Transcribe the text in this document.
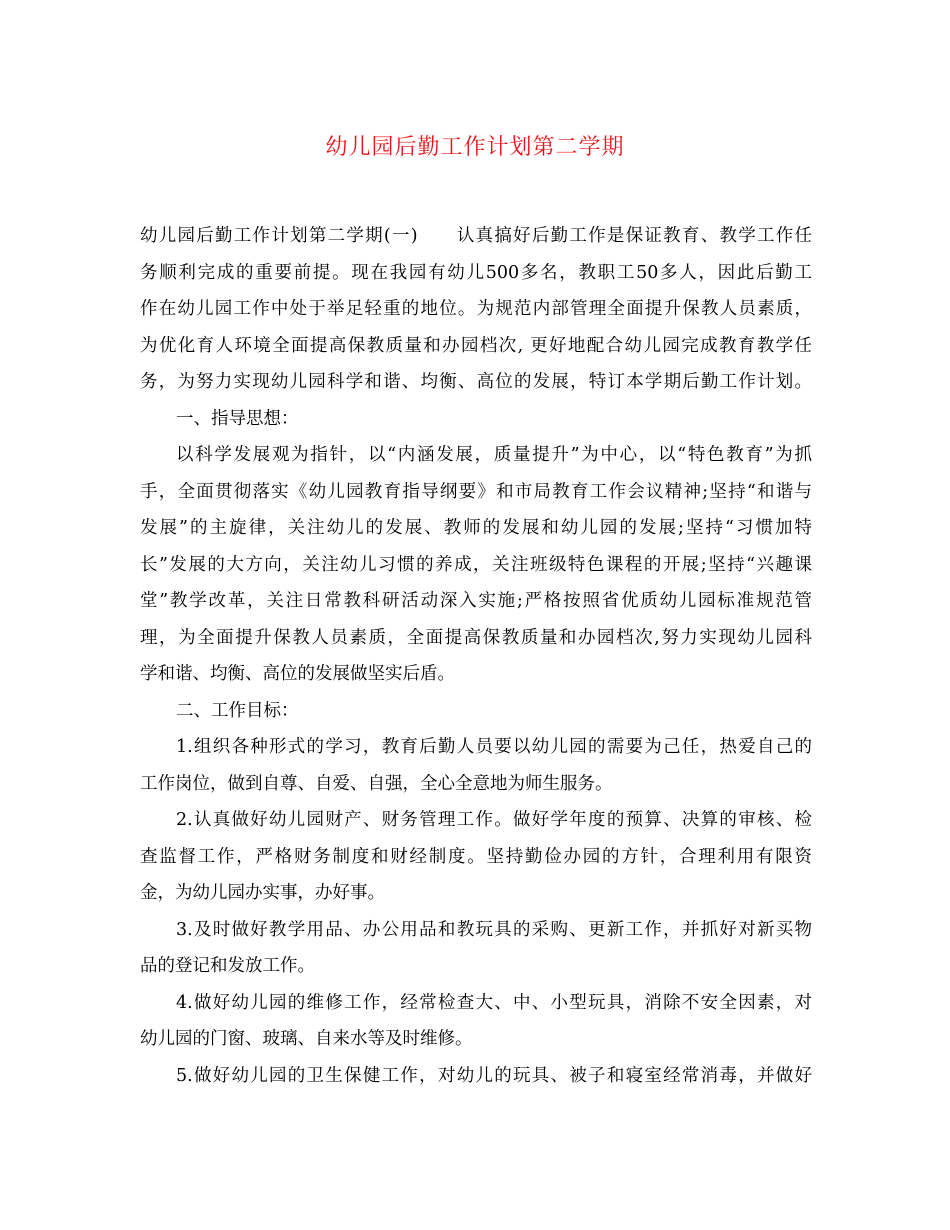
幼儿园后勤工作计划第二学期
幼儿园后勤工作计划第二学期(一) 认真搞好后勤工作是保证教育、教学工作任
务顺利完成的重要前提。现在我园有幼儿500多名，教职工50多人，因此后勤工
作在幼儿园工作中处于举足轻重的地位。为规范内部管理全面提升保教人员素质，
为优化育人环境全面提高保教质量和办园档次, 更好地配合幼儿园完成教育教学任
务，为努力实现幼儿园科学和谐、均衡、高位的发展，特订本学期后勤工作计划。
一、指导思想：
以科学发展观为指针，以“内涵发展，质量提升”为中心，以“特色教育”为抓
手，全面贯彻落实《幼儿园教育指导纲要》和市局教育工作会议精神;坚持“和谐与
发展”的主旋律，关注幼儿的发展、教师的发展和幼儿园的发展;坚持“习惯加特
长”发展的大方向，关注幼儿习惯的养成，关注班级特色课程的开展;坚持“兴趣课
堂”教学改革，关注日常教科研活动深入实施;严格按照省优质幼儿园标准规范管
理，为全面提升保教人员素质，全面提高保教质量和办园档次,努力实现幼儿园科
学和谐、均衡、高位的发展做坚实后盾。
二、工作目标：
1.组织各种形式的学习，教育后勤人员要以幼儿园的需要为己任，热爱自己的
工作岗位，做到自尊、自爱、自强，全心全意地为师生服务。
2.认真做好幼儿园财产、财务管理工作。做好学年度的预算、决算的审核、检
查监督工作，严格财务制度和财经制度。坚持勤俭办园的方针，合理利用有限资
金，为幼儿园办实事，办好事。
3.及时做好教学用品、办公用品和教玩具的采购、更新工作，并抓好对新买物
品的登记和发放工作。
4.做好幼儿园的维修工作，经常检查大、中、小型玩具，消除不安全因素，对
幼儿园的门窗、玻璃、自来水等及时维修。
5.做好幼儿园的卫生保健工作，对幼儿的玩具、被子和寝室经常消毒，并做好
